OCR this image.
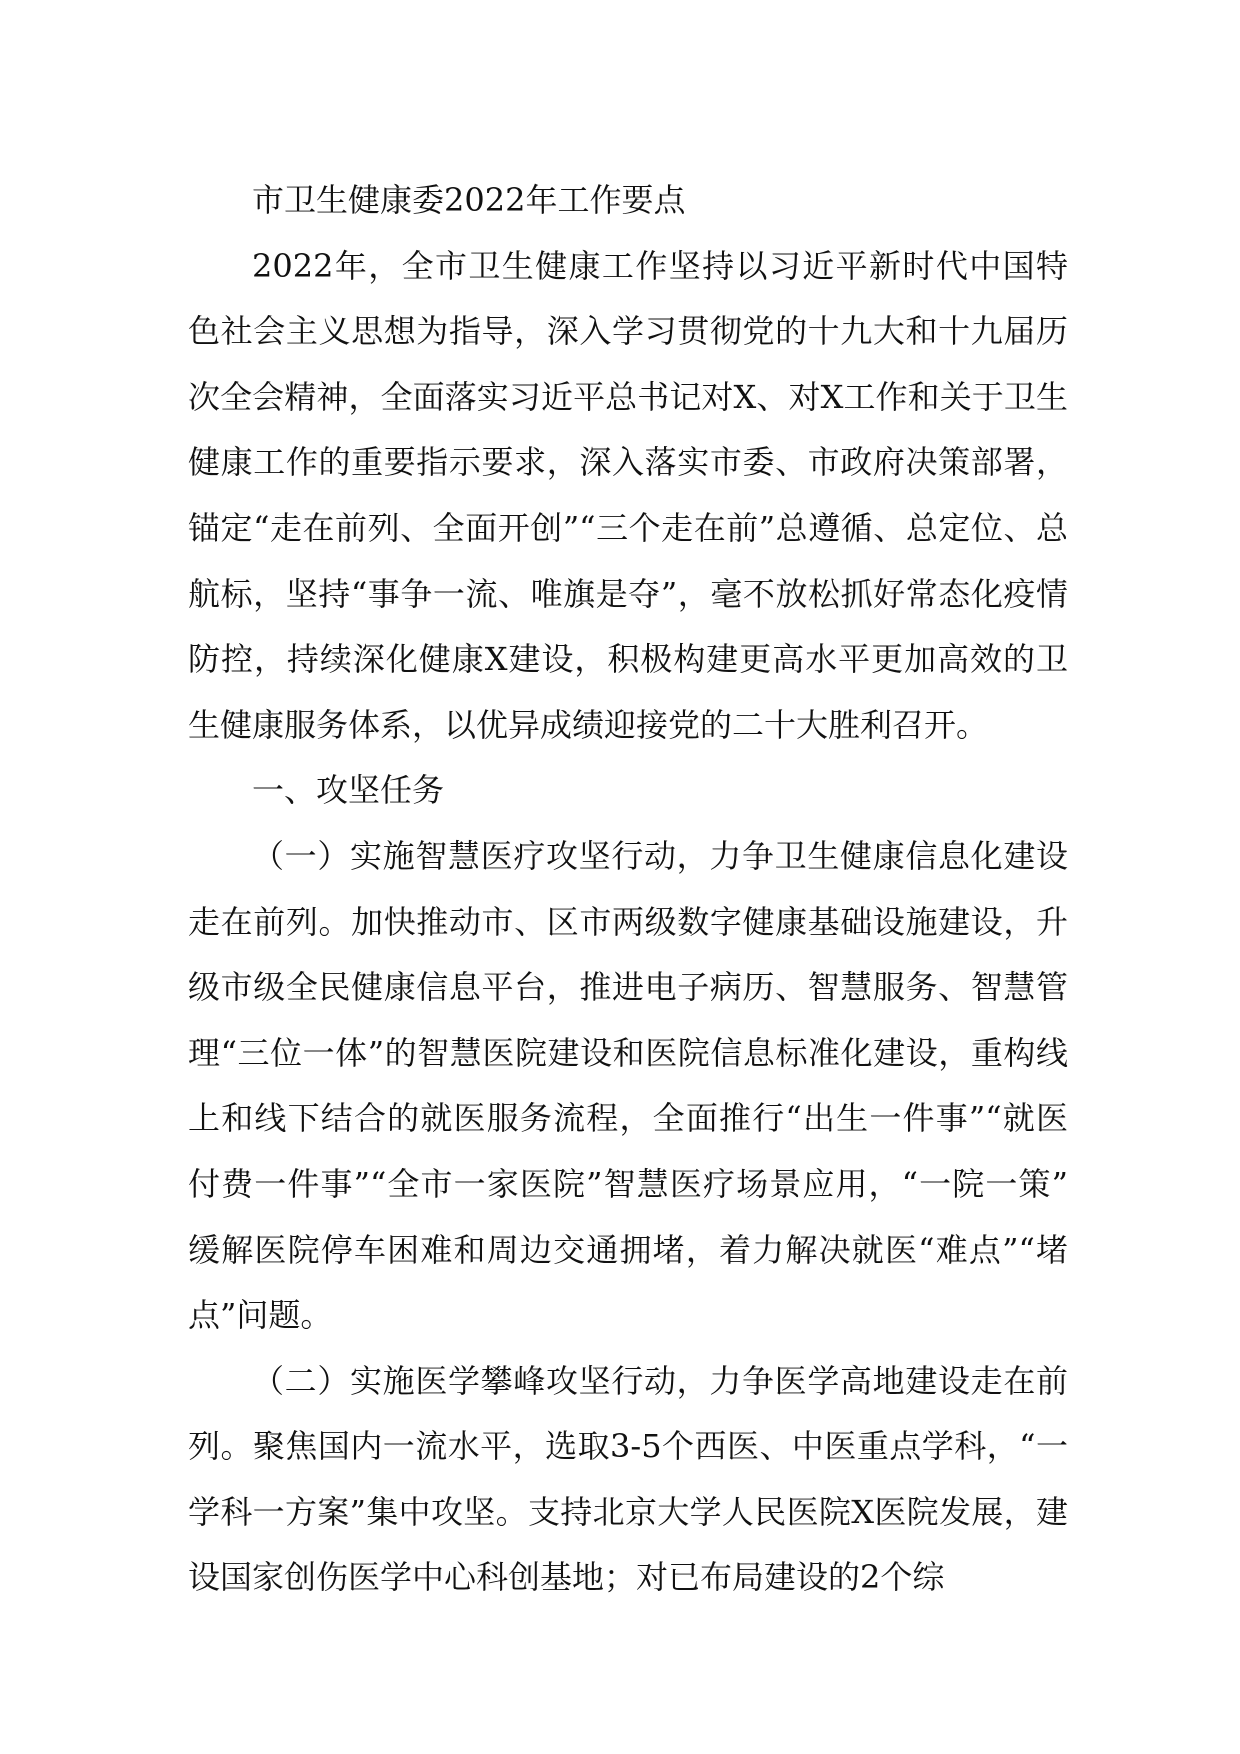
市卫生健康委2022年工作要点

2022年，全市卫生健康工作坚持以习近平新时代中国特色社会主义思想为指导，深入学习贯彻党的十九大和十九届历次全会精神，全面落实习近平总书记对X、对X工作和关于卫生健康工作的重要指示要求，深入落实市委、市政府决策部署，锚定“走在前列、全面开创”“三个走在前”总遵循、总定位、总航标，坚持“事争一流、唯旗是夺”，毫不放松抓好常态化疫情防控，持续深化健康X建设，积极构建更高水平更加高效的卫生健康服务体系，以优异成绩迎接党的二十大胜利召开。

一、攻坚任务

（一）实施智慧医疗攻坚行动，力争卫生健康信息化建设走在前列。加快推动市、区市两级数字健康基础设施建设，升级市级全民健康信息平台，推进电子病历、智慧服务、智慧管理“三位一体”的智慧医院建设和医院信息标准化建设，重构线上和线下结合的就医服务流程，全面推行“出生一件事”“就医付费一件事”“全市一家医院”智慧医疗场景应用，“一院一策”缓解医院停车困难和周边交通拥堵，着力解决就医“难点”“堵点”问题。

（二）实施医学攀峰攻坚行动，力争医学高地建设走在前列。聚焦国内一流水平，选取3-5个西医、中医重点学科，“一学科一方案”集中攻坚。支持北京大学人民医院X医院发展，建设国家创伤医学中心科创基地；对已布局建设的2个综
